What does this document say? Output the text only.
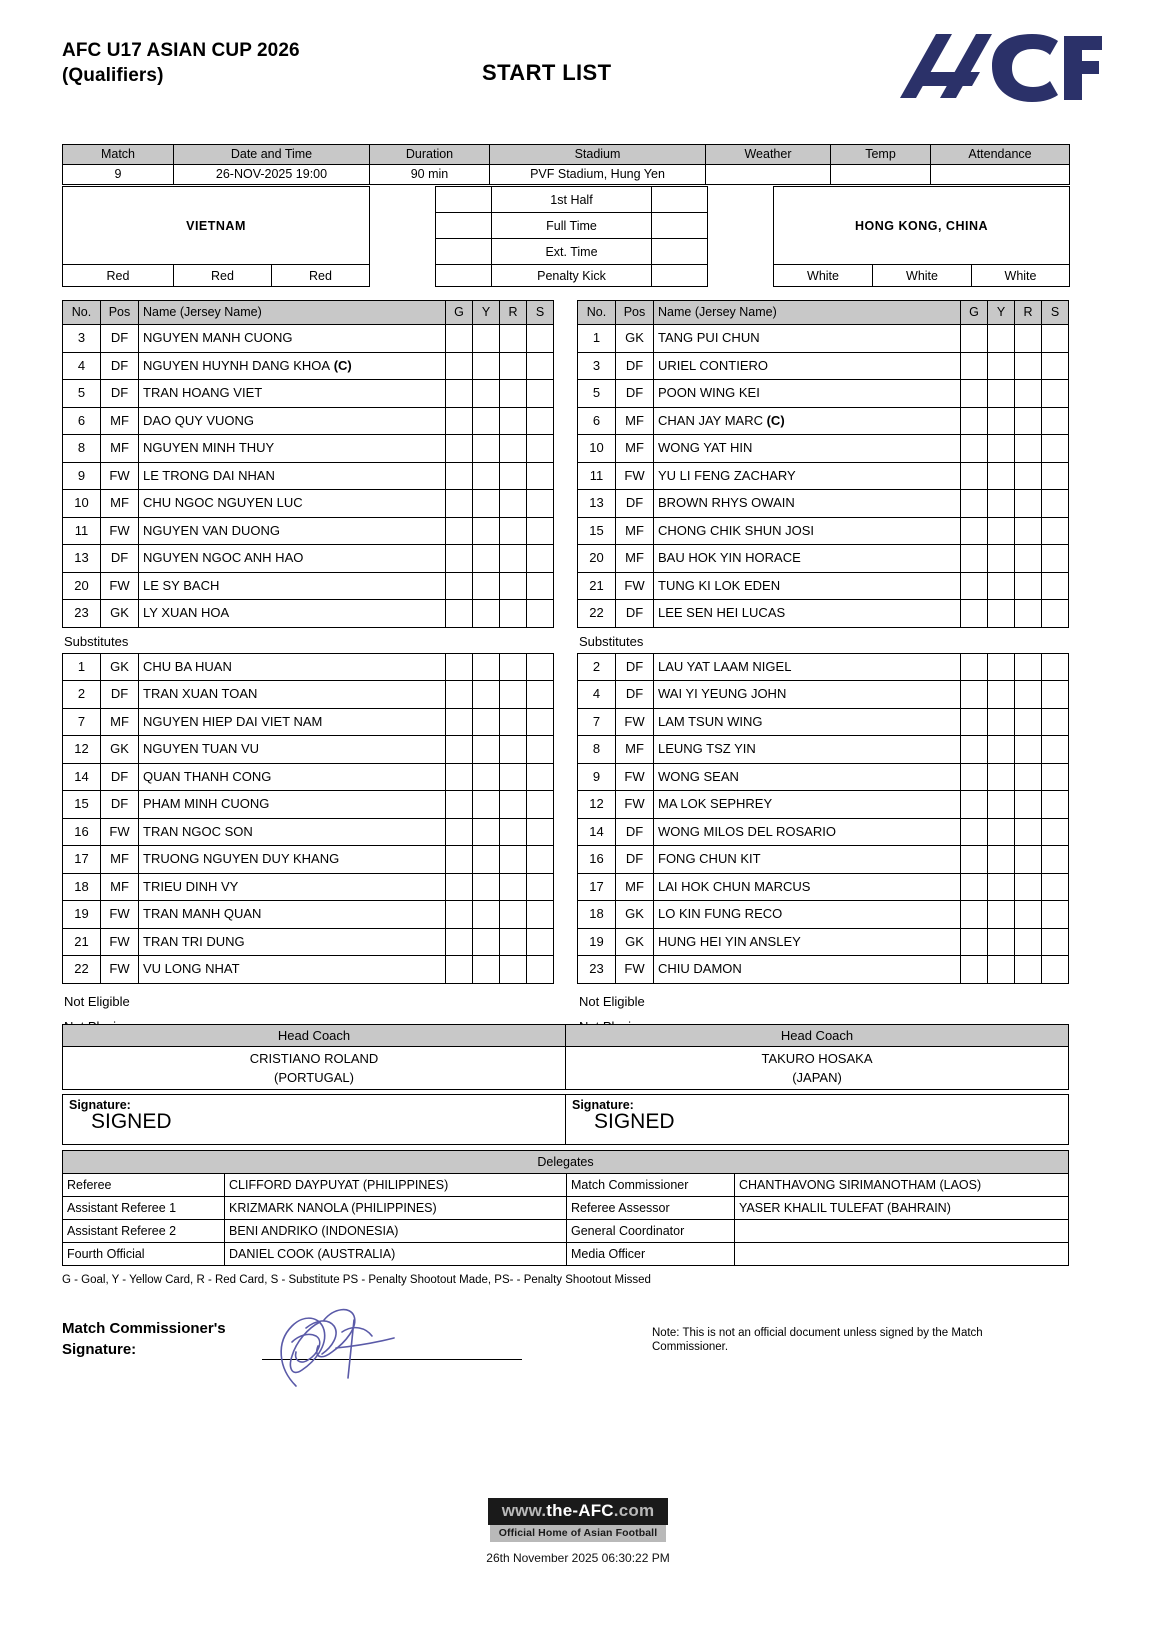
AFC U17 ASIAN CUP 2026
(Qualifiers)	START LIST
™
Match	Date and Time	Duration	Stadium	Weather	Temp	Attendance
9	26-NOV-2025 19:00	90 min	PVF Stadium, Hung Yen			
VIETNAM					1st Half			HONG KONG, CHINA		
					Full Time					
					Ext. Time					
Red	Red	Red			Penalty Kick			White	White	White
No.	Pos	Name (Jersey Name)	G	Y	R	S
3	DF	NGUYEN MANH CUONG				
4	DF	NGUYEN HUYNH DANG KHOA (C)				
5	DF	TRAN HOANG VIET				
6	MF	DAO QUY VUONG				
8	MF	NGUYEN MINH THUY				
9	FW	LE TRONG DAI NHAN				
10	MF	CHU NGOC NGUYEN LUC				
11	FW	NGUYEN VAN DUONG				
13	DF	NGUYEN NGOC ANH HAO				
20	FW	LE SY BACH				
23	GK	LY XUAN HOA				
Substitutes
1	GK	CHU BA HUAN				
2	DF	TRAN XUAN TOAN				
7	MF	NGUYEN HIEP DAI VIET NAM				
12	GK	NGUYEN TUAN VU				
14	DF	QUAN THANH CONG				
15	DF	PHAM MINH CUONG				
16	FW	TRAN NGOC SON				
17	MF	TRUONG NGUYEN DUY KHANG				
18	MF	TRIEU DINH VY				
19	FW	TRAN MANH QUAN				
21	FW	TRAN TRI DUNG				
22	FW	VU LONG NHAT				
Not Eligible
No.	Pos	Name (Jersey Name)	G	Y	R	S
1	GK	TANG PUI CHUN				
3	DF	URIEL CONTIERO				
5	DF	POON WING KEI				
6	MF	CHAN JAY MARC (C)				
10	MF	WONG YAT HIN				
11	FW	YU LI FENG ZACHARY				
13	DF	BROWN RHYS OWAIN				
15	MF	CHONG CHIK SHUN JOSI				
20	MF	BAU HOK YIN HORACE				
21	FW	TUNG KI LOK EDEN				
22	DF	LEE SEN HEI LUCAS				
Substitutes
2	DF	LAU YAT LAAM NIGEL				
4	DF	WAI YI YEUNG JOHN				
7	FW	LAM TSUN WING				
8	MF	LEUNG TSZ YIN				
9	FW	WONG SEAN				
12	FW	MA LOK SEPHREY				
14	DF	WONG MILOS DEL ROSARIO				
16	DF	FONG CHUN KIT				
17	MF	LAI HOK CHUN MARCUS				
18	GK	LO KIN FUNG RECO				
19	GK	HUNG HEI YIN ANSLEY				
23	FW	CHIU DAMON				
Not Eligible
Head Coach	Head Coach

CRISTIANO ROLAND
(PORTUGAL)

TAKURO HOSAKA
(JAPAN)
Signature:
SIGNED

Signature:
SIGNED
Delegates			
Referee	CLIFFORD DAYPUYAT (PHILIPPINES)	Match Commissioner	CHANTHAVONG SIRIMANOTHAM (LAOS)
Assistant Referee 1	KRIZMARK NANOLA (PHILIPPINES)	Referee Assessor	YASER KHALIL TULEFAT (BAHRAIN)
Assistant Referee 2	BENI ANDRIKO (INDONESIA)	General Coordinator	
Fourth Official	DANIEL COOK (AUSTRALIA)	Media Officer	
G - Goal, Y - Yellow Card, R - Red Card, S - Substitute PS - Penalty Shootout Made, PS- - Penalty Shootout Missed
Match Commissioner's
Signature:
Note: This is not an official document unless signed by the Match Commissioner.
www.the-AFC.com
Official Home of Asian Football
26th November 2025 06:30:22 PM
